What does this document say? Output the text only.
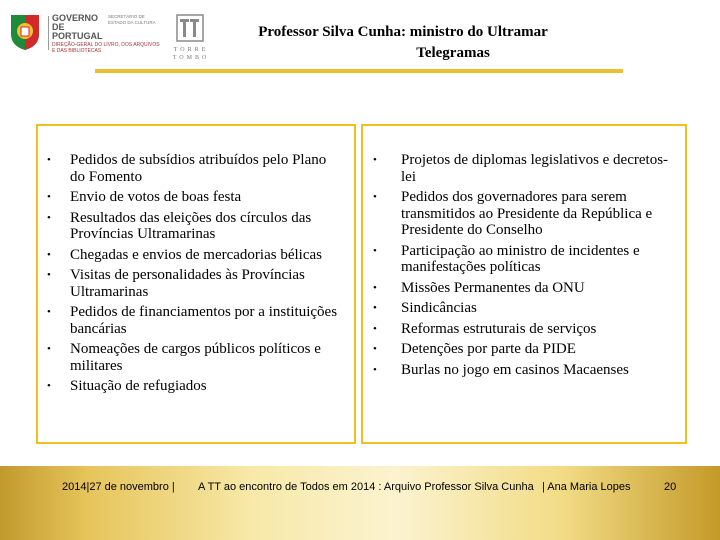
GOVERNO DE PORTUGAL
SECRETÁRIO DE ESTADO DA CULTURA
DIREÇÃO-GERAL DO LIVRO, DOS ARQUIVOS E DAS BIBLIOTECAS	TORRE
TOMBO
Professor Silva Cunha: ministro do Ultramar
Telegramas
• Pedidos de subsídios atribuídos pelo Plano do Fomento
• Envio de votos de boas festa
• Resultados das eleições dos círculos das Províncias Ultramarinas
• Chegadas e envios de mercadorias bélicas
• Visitas de personalidades às Províncias Ultramarinas
• Pedidos de financiamentos por a instituições bancárias
• Nomeações de cargos públicos políticos e militares
• Situação de refugiados
• Projetos de diplomas legislativos e decretos-lei
• Pedidos dos governadores para serem transmitidos ao Presidente da República e Presidente do Conselho
• Participação ao ministro de incidentes e manifestações políticas
• Missões Permanentes da ONU
• Sindicâncias
• Reformas estruturais de serviços
• Detenções por parte da PIDE
• Burlas no jogo em casinos Macaenses
2014|27 de novembro | A TT ao encontro de Todos em 2014 : Arquivo Professor Silva Cunha | Ana Maria Lopes	20
